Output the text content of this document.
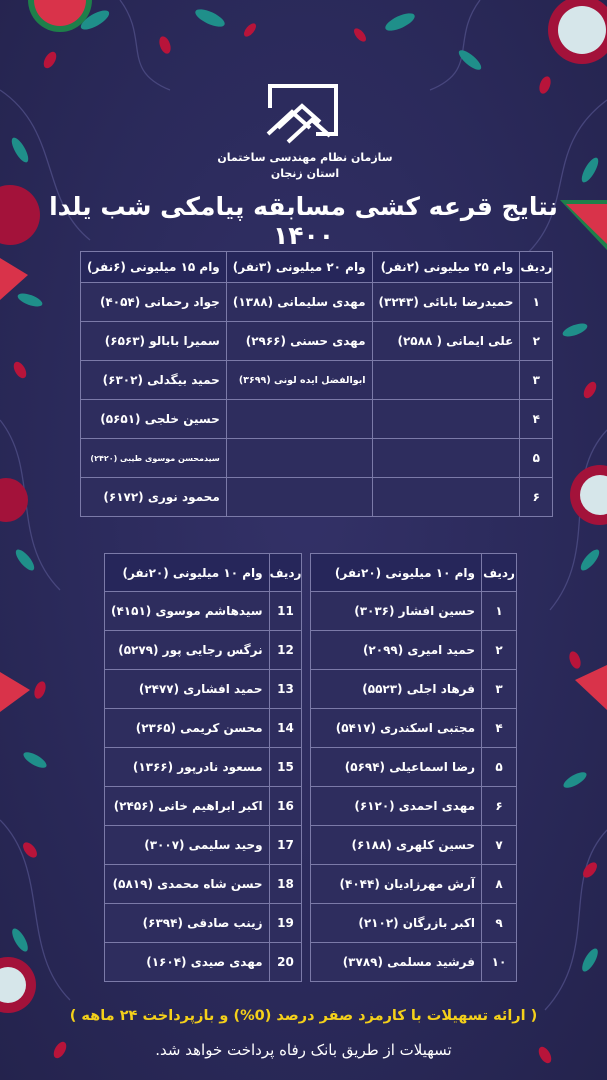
سازمان نظام مهندسی ساختمان
استان زنجان
نتایج قرعه کشی مسابقه پیامکی شب یلدا ۱۴۰۰
ردیف	وام ۲۵ میلیونی (۲نفر)	وام ۲۰ میلیونی (۳نفر)	وام ۱۵ میلیونی (۶نفر)
۱	حمیدرضا بابائی (۳۲۴۳)	مهدی سلیمانی (۱۳۸۸)	جواد رحمانی (۴۰۵۴)
۲	علی ایمانی ( ۲۵۸۸)	مهدی حسنی (۲۹۶۶)	سمیرا بابالو (۶۵۶۳)
۳		ابوالفضل ایده لونی (۳۶۹۹)	حمید بیگدلی (۶۳۰۲)
۴			حسین خلجی (۵۶۵۱)
۵			سیدمحسن موسوی طیبی (۲۴۲۰)
۶			محمود نوری (۶۱۷۲)
ردیف	وام ۱۰ میلیونی (۲۰نفر)
۱	حسین افشار (۳۰۳۶)
۲	حمید امیری (۲۰۹۹)
۳	فرهاد اجلی (۵۵۲۳)
۴	مجتبی اسکندری (۵۴۱۷)
۵	رضا اسماعیلی (۵۶۹۴)
۶	مهدی احمدی (۶۱۲۰)
۷	حسین کلهری (۶۱۸۸)
۸	آرش مهرزادیان (۴۰۴۴)
۹	اکبر بازرگان (۲۱۰۲)
۱۰	فرشید مسلمی (۳۷۸۹)
ردیف	وام ۱۰ میلیونی (۲۰نفر)
11	سیدهاشم موسوی (۴۱۵۱)
12	نرگس رجایی پور (۵۲۷۹)
13	حمید افشاری (۲۴۷۷)
14	محسن کریمی (۲۳۶۵)
15	مسعود نادرپور (۱۳۶۶)
16	اکبر ابراهیم خانی (۲۴۵۶)
17	وحید سلیمی (۳۰۰۷)
18	حسن شاه محمدی (۵۸۱۹)
19	زینب صادقی (۶۳۹۴)
20	مهدی صیدی (۱۶۰۴)
( ارائه تسهیلات با کارمزد صفر درصد (0%) و بازپرداخت ۲۴ ماهه )
تسهیلات از طریق بانک رفاه پرداخت خواهد شد.
